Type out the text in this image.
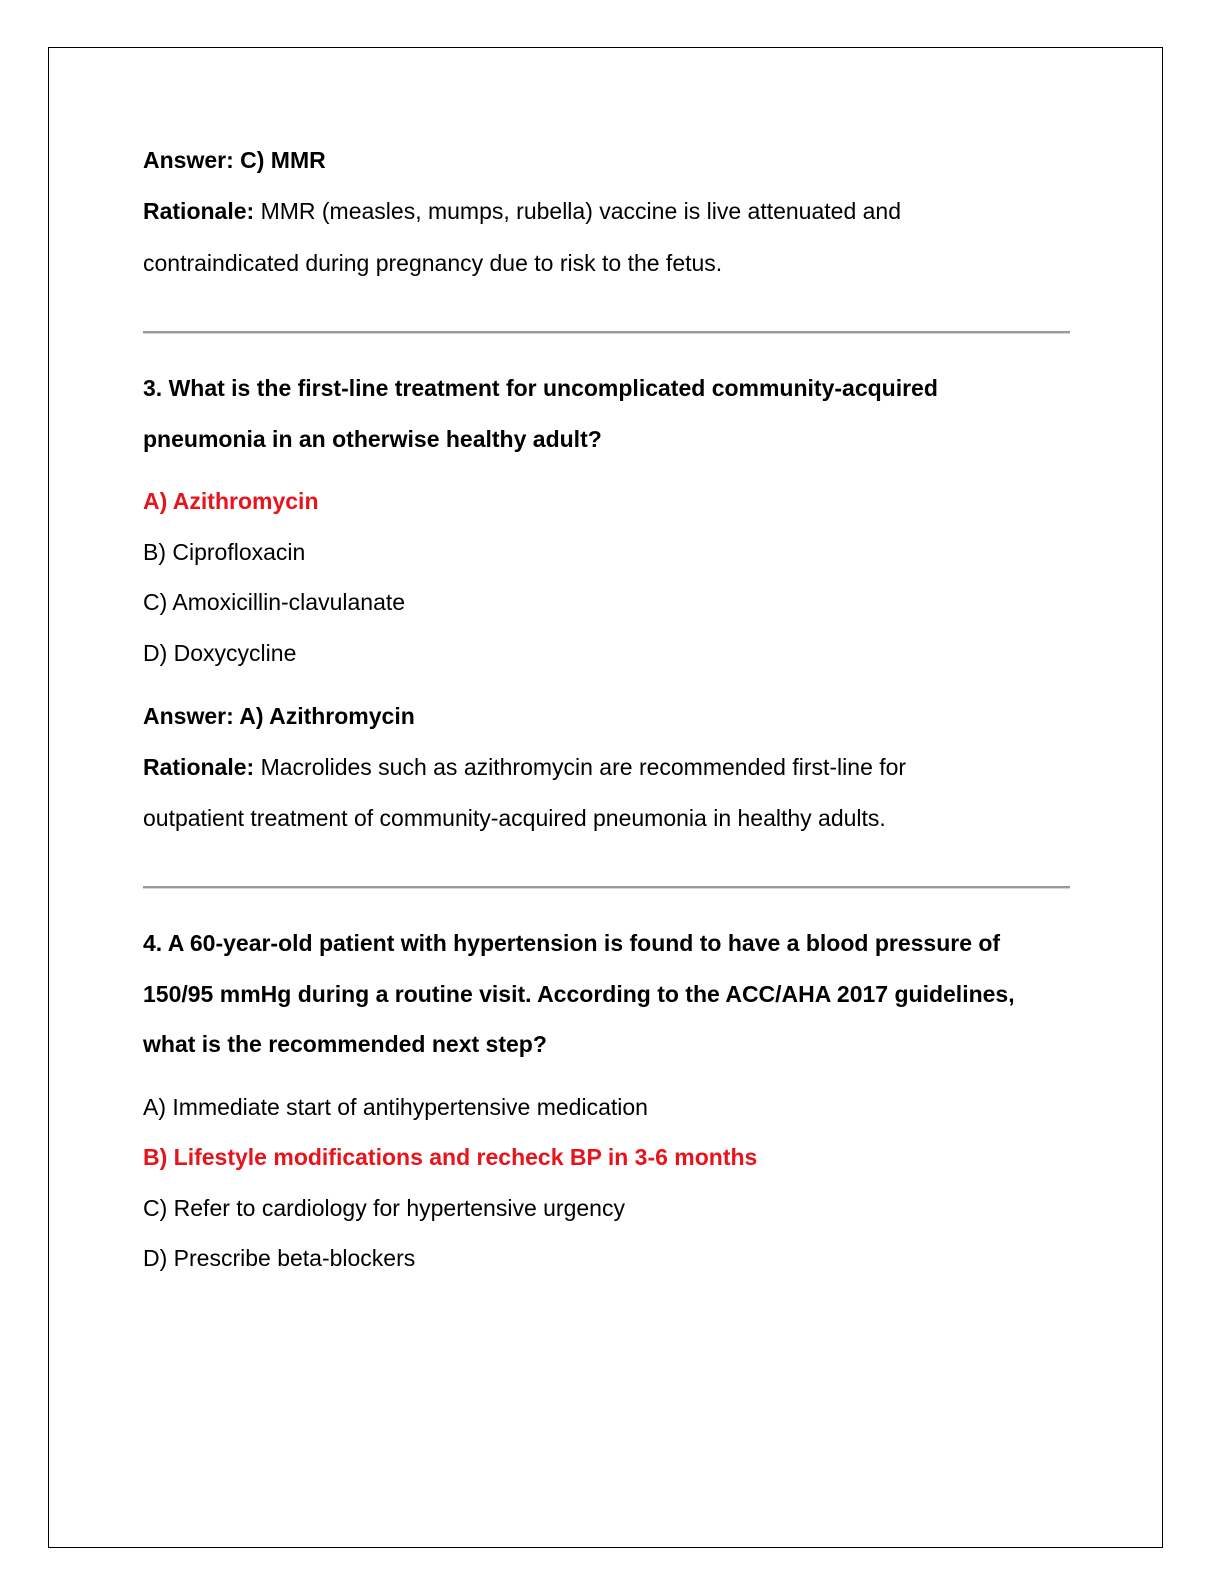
Answer: C) MMR
Rationale: MMR (measles, mumps, rubella) vaccine is live attenuated and
contraindicated during pregnancy due to risk to the fetus.
3. What is the first-line treatment for uncomplicated community-acquired
pneumonia in an otherwise healthy adult?
A) Azithromycin
B) Ciprofloxacin
C) Amoxicillin-clavulanate
D) Doxycycline
Answer: A) Azithromycin
Rationale: Macrolides such as azithromycin are recommended first-line for
outpatient treatment of community-acquired pneumonia in healthy adults.
4. A 60-year-old patient with hypertension is found to have a blood pressure of
150/95 mmHg during a routine visit. According to the ACC/AHA 2017 guidelines,
what is the recommended next step?
A) Immediate start of antihypertensive medication
B) Lifestyle modifications and recheck BP in 3-6 months
C) Refer to cardiology for hypertensive urgency
D) Prescribe beta-blockers
